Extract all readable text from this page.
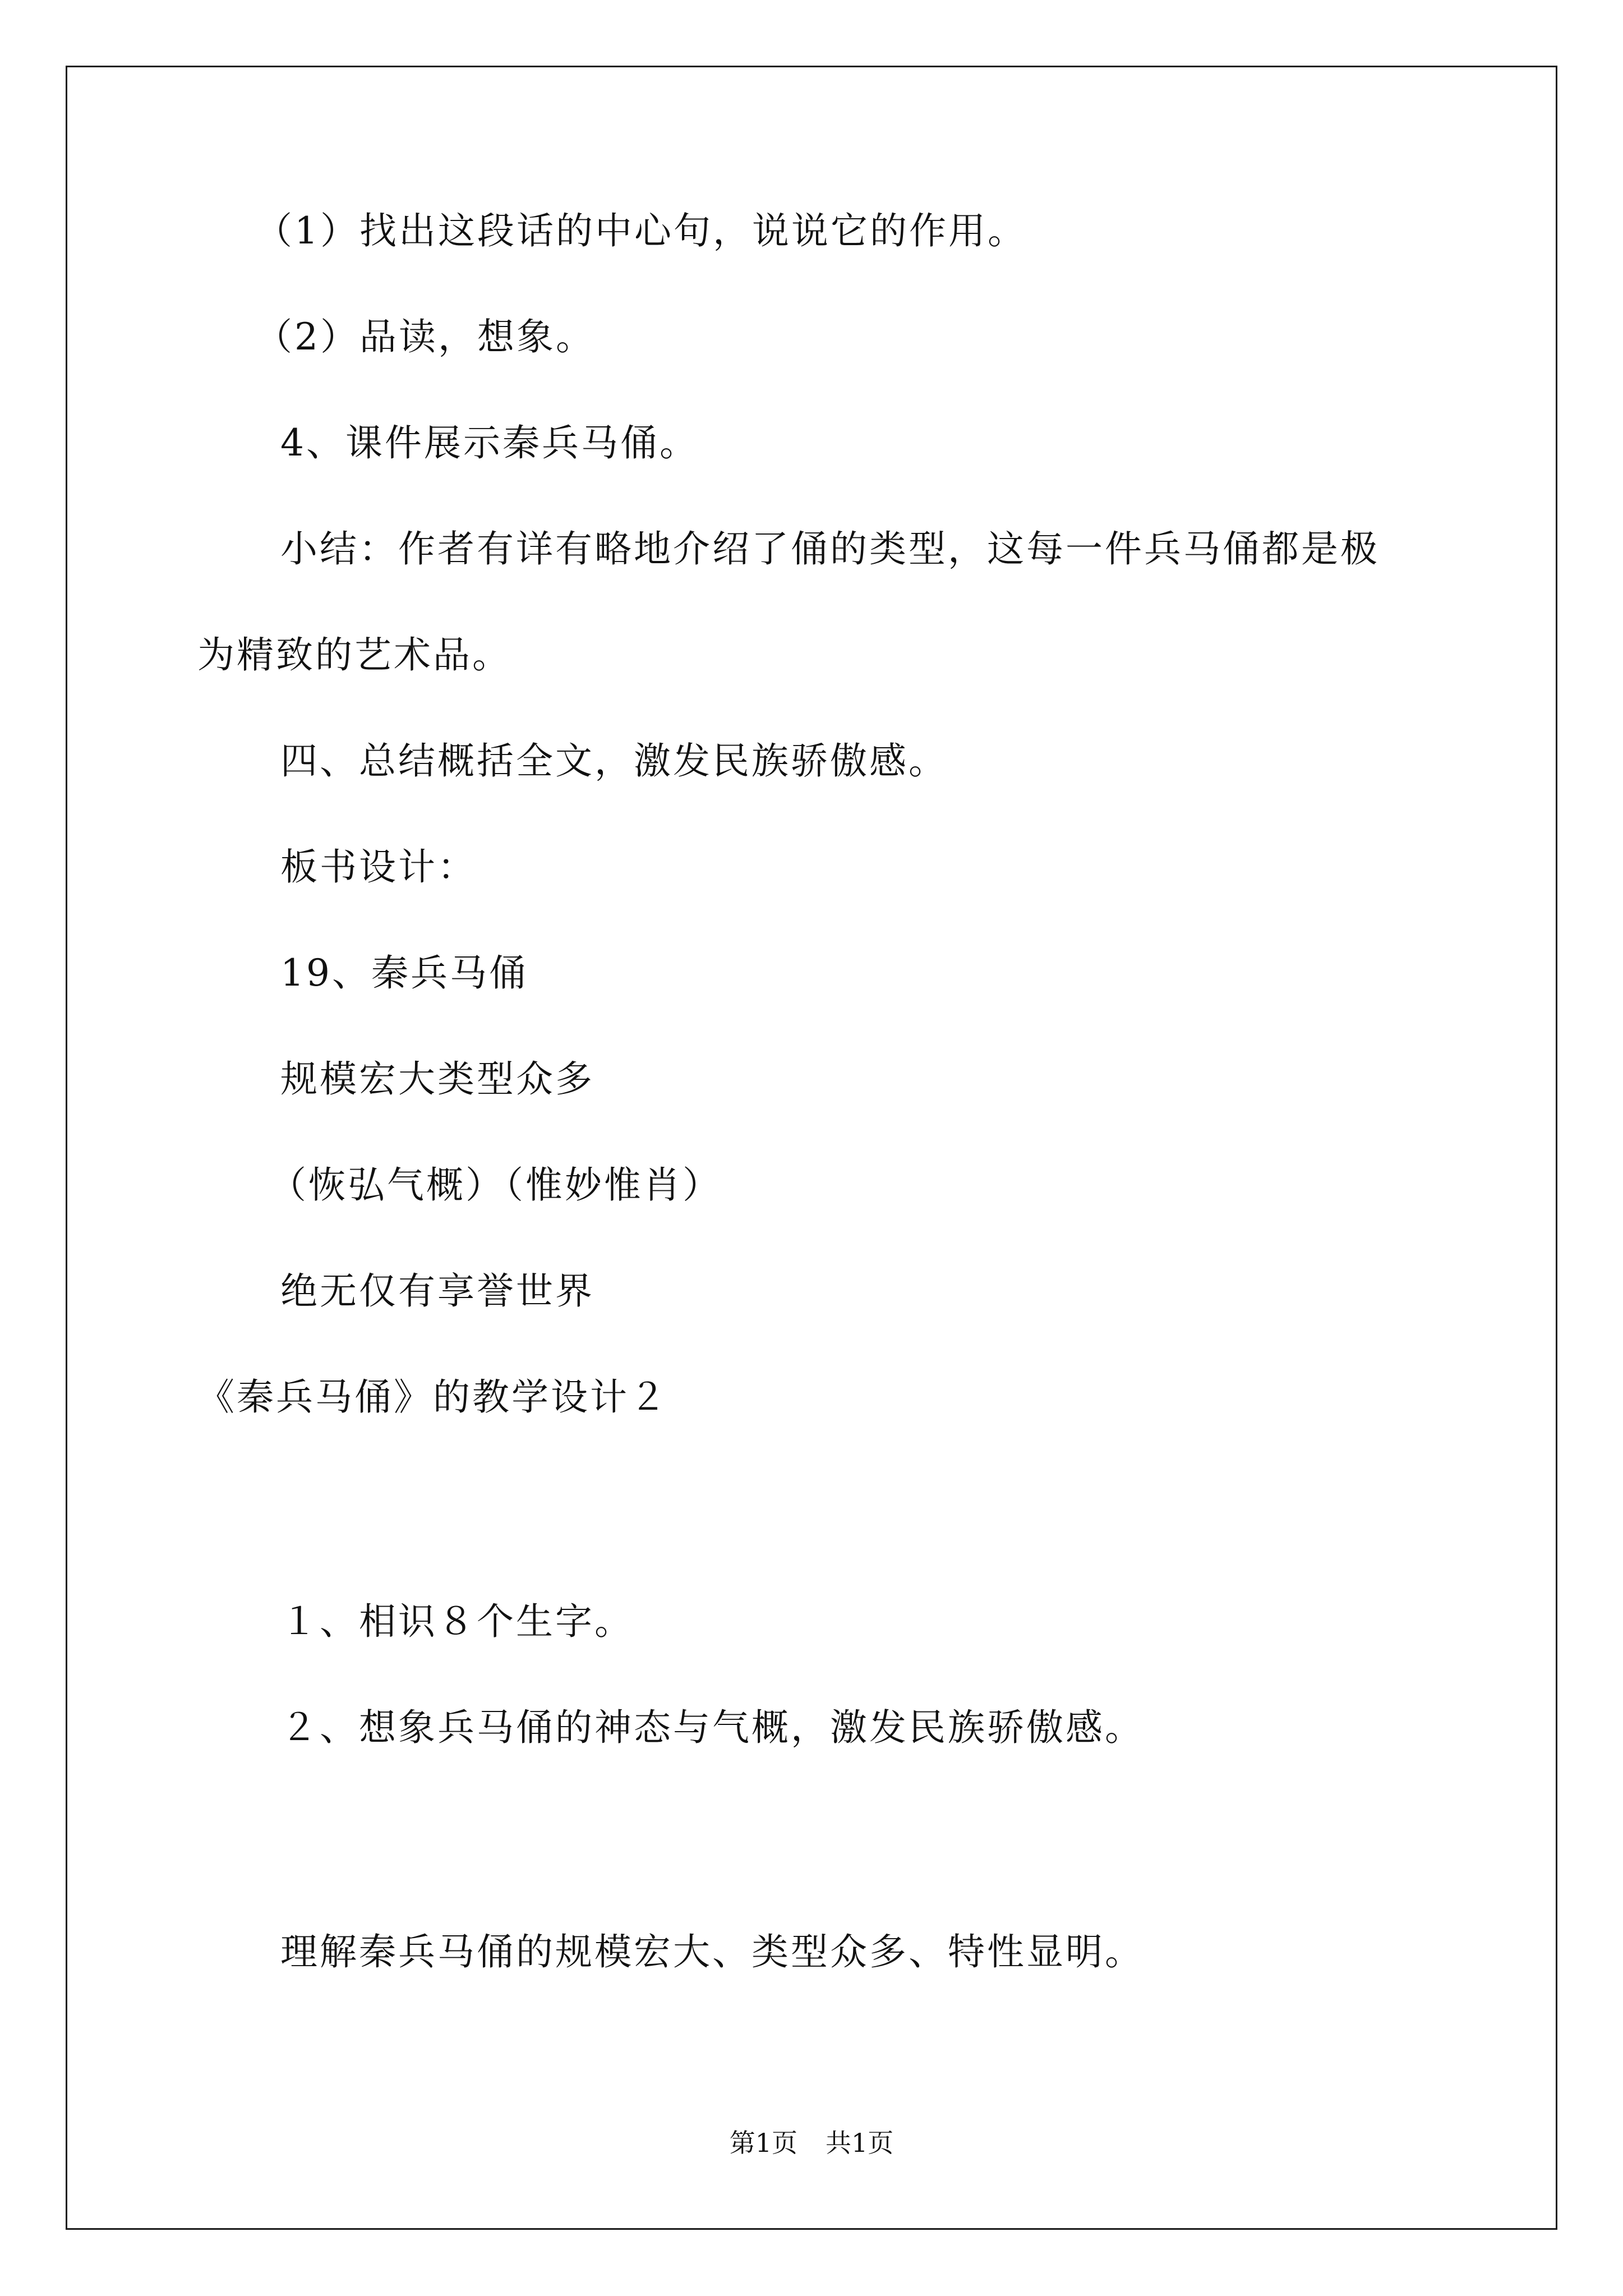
（1）找出这段话的中心句，说说它的作用。
（2）品读，想象。
4、课件展示秦兵马俑。
小结：作者有详有略地介绍了俑的类型，这每一件兵马俑都是极
为精致的艺术品。
四、总结概括全文，激发民族骄傲感。
板书设计：
19、秦兵马俑
规模宏大类型众多
（恢弘气概）（惟妙惟肖）
绝无仅有享誉世界
《秦兵马俑》的教学设计２
１、相识８个生字。
２、想象兵马俑的神态与气概，激发民族骄傲感。
理解秦兵马俑的规模宏大、类型众多、特性显明。
第1页 共1页
